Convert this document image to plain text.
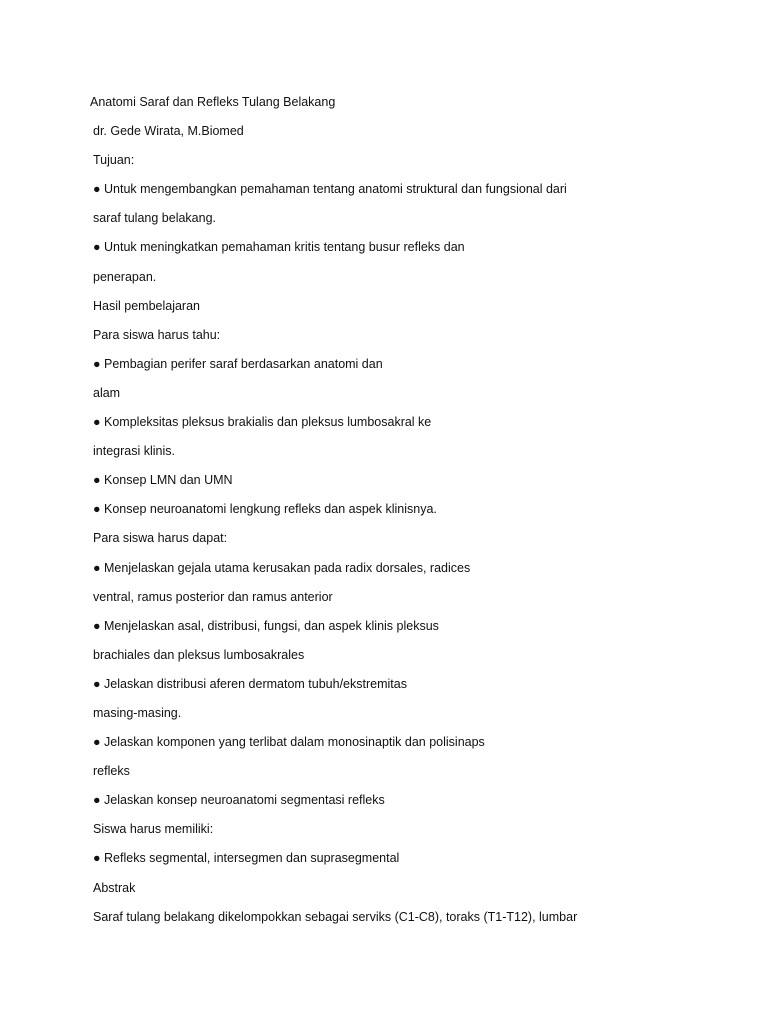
Anatomi Saraf dan Refleks Tulang Belakang
dr. Gede Wirata, M.Biomed
Tujuan:
● Untuk mengembangkan pemahaman tentang anatomi struktural dan fungsional dari
saraf tulang belakang.
● Untuk meningkatkan pemahaman kritis tentang busur refleks dan
penerapan.
Hasil pembelajaran
Para siswa harus tahu:
● Pembagian perifer saraf berdasarkan anatomi dan
alam
● Kompleksitas pleksus brakialis dan pleksus lumbosakral ke
integrasi klinis.
● Konsep LMN dan UMN
● Konsep neuroanatomi lengkung refleks dan aspek klinisnya.
Para siswa harus dapat:
● Menjelaskan gejala utama kerusakan pada radix dorsales, radices
ventral, ramus posterior dan ramus anterior
● Menjelaskan asal, distribusi, fungsi, dan aspek klinis pleksus
brachiales dan pleksus lumbosakrales
● Jelaskan distribusi aferen dermatom tubuh/ekstremitas
masing-masing.
● Jelaskan komponen yang terlibat dalam monosinaptik dan polisinaps
refleks
● Jelaskan konsep neuroanatomi segmentasi refleks
Siswa harus memiliki:
● Refleks segmental, intersegmen dan suprasegmental
Abstrak
Saraf tulang belakang dikelompokkan sebagai serviks (C1-C8), toraks (T1-T12), lumbar
